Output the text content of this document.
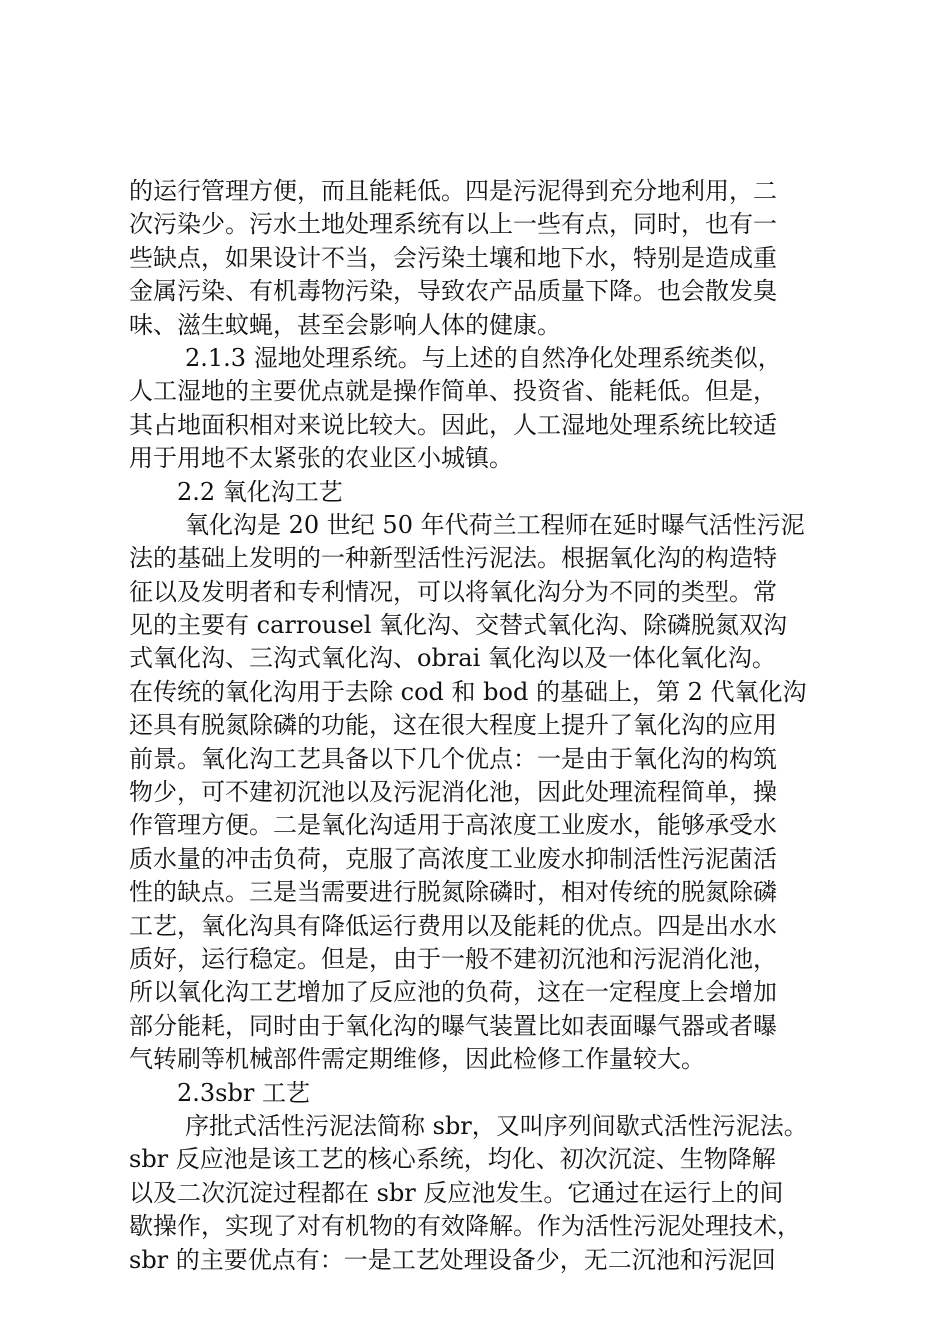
的运行管理方便，而且能耗低。四是污泥得到充分地利用，二
次污染少。污水土地处理系统有以上一些有点，同时，也有一
些缺点，如果设计不当，会污染土壤和地下水，特别是造成重
金属污染、有机毒物污染，导致农产品质量下降。也会散发臭
味、滋生蚊蝇，甚至会影响人体的健康。
2.1.3 湿地处理系统。与上述的自然净化处理系统类似，
人工湿地的主要优点就是操作简单、投资省、能耗低。但是，
其占地面积相对来说比较大。因此，人工湿地处理系统比较适
用于用地不太紧张的农业区小城镇。
2.2 氧化沟工艺
氧化沟是 20 世纪 50 年代荷兰工程师在延时曝气活性污泥
法的基础上发明的一种新型活性污泥法。根据氧化沟的构造特
征以及发明者和专利情况，可以将氧化沟分为不同的类型。常
见的主要有 carrousel 氧化沟、交替式氧化沟、除磷脱氮双沟
式氧化沟、三沟式氧化沟、obrai 氧化沟以及一体化氧化沟。
在传统的氧化沟用于去除 cod 和 bod 的基础上，第 2 代氧化沟
还具有脱氮除磷的功能，这在很大程度上提升了氧化沟的应用
前景。氧化沟工艺具备以下几个优点：一是由于氧化沟的构筑
物少，可不建初沉池以及污泥消化池，因此处理流程简单，操
作管理方便。二是氧化沟适用于高浓度工业废水，能够承受水
质水量的冲击负荷，克服了高浓度工业废水抑制活性污泥菌活
性的缺点。三是当需要进行脱氮除磷时，相对传统的脱氮除磷
工艺，氧化沟具有降低运行费用以及能耗的优点。四是出水水
质好，运行稳定。但是，由于一般不建初沉池和污泥消化池，
所以氧化沟工艺增加了反应池的负荷，这在一定程度上会增加
部分能耗，同时由于氧化沟的曝气装置比如表面曝气器或者曝
气转刷等机械部件需定期维修，因此检修工作量较大。
2.3sbr 工艺
序批式活性污泥法简称 sbr，又叫序列间歇式活性污泥法。
sbr 反应池是该工艺的核心系统，均化、初次沉淀、生物降解
以及二次沉淀过程都在 sbr 反应池发生。它通过在运行上的间
歇操作，实现了对有机物的有效降解。作为活性污泥处理技术，
sbr 的主要优点有：一是工艺处理设备少，无二沉池和污泥回
